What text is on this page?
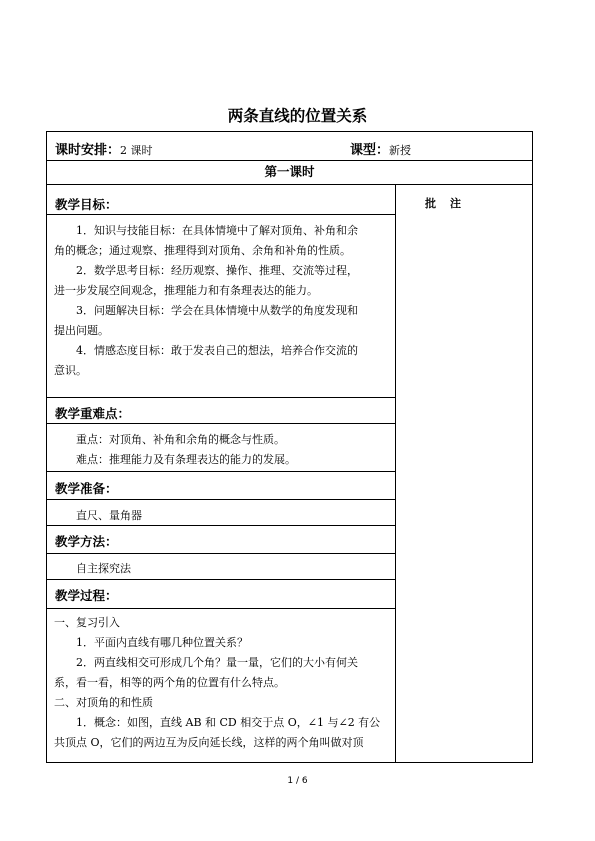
两条直线的位置关系
课时安排：2 课时	课型：新授
第一课时
批注
教学目标：

1．知识与技能目标：在具体情境中了解对顶角、补角和余

角的概念；通过观察、推理得到对顶角、余角和补角的性质。

2．数学思考目标：经历观察、操作、推理、交流等过程，

进一步发展空间观念，推理能力和有条理表达的能力。

3．问题解决目标：学会在具体情境中从数学的角度发现和

提出问题。

4．情感态度目标：敢于发表自己的想法，培养合作交流的

意识。

教学重难点：

重点：对顶角、补角和余角的概念与性质。

难点：推理能力及有条理表达的能力的发展。

教学准备：

直尺、量角器

教学方法：

自主探究法

教学过程：

一、复习引入

1．平面内直线有哪几种位置关系？

2．两直线相交可形成几个角？量一量，它们的大小有何关

系，看一看，相等的两个角的位置有什么特点。

二、对顶角的和性质

1．概念：如图，直线 AB 和 CD 相交于点 O，∠1 与∠2 有公

共顶点 O，它们的两边互为反向延长线，这样的两个角叫做对顶

1 / 6
